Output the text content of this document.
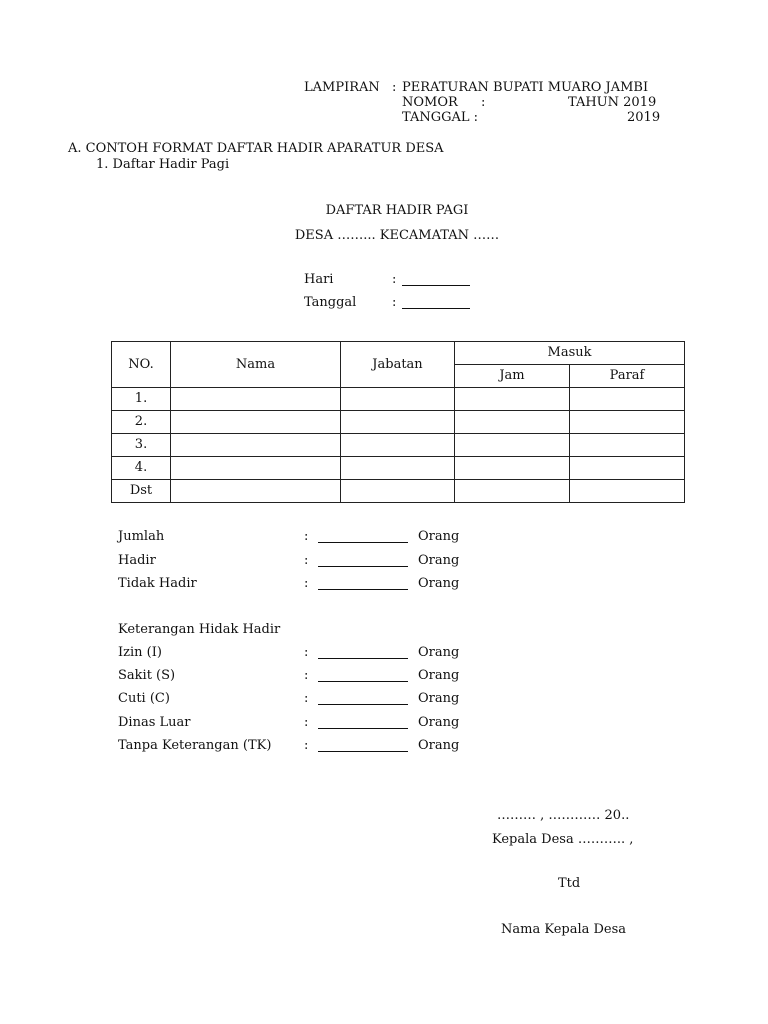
LAMPIRAN : PERATURAN BUPATI MUARO JAMBI
NOMOR :	TAHUN 2019
TANGGAL :	2019
A. CONTOH FORMAT DAFTAR HADIR APARATUR DESA
1. Daftar Hadir Pagi
DAFTAR HADIR PAGI
DESA ……... KECAMATAN ……
Hari	:
Tanggal	:
NO.	Nama	Jabatan	Masuk	
			Jam	Paraf
1.				
2.				
3.				
4.				
Dst				
Jumlah	:	Orang
Hadir	:	Orang
Tidak Hadir	:	Orang
Keterangan Hidak Hadir
Izin (I)	:	Orang
Sakit (S)	:	Orang
Cuti (C)	:	Orang
Dinas Luar	:	Orang
Tanpa Keterangan (TK)	:	Orang
……… , ………… 20..
Kepala Desa ……….. ,
Ttd
Nama Kepala Desa
